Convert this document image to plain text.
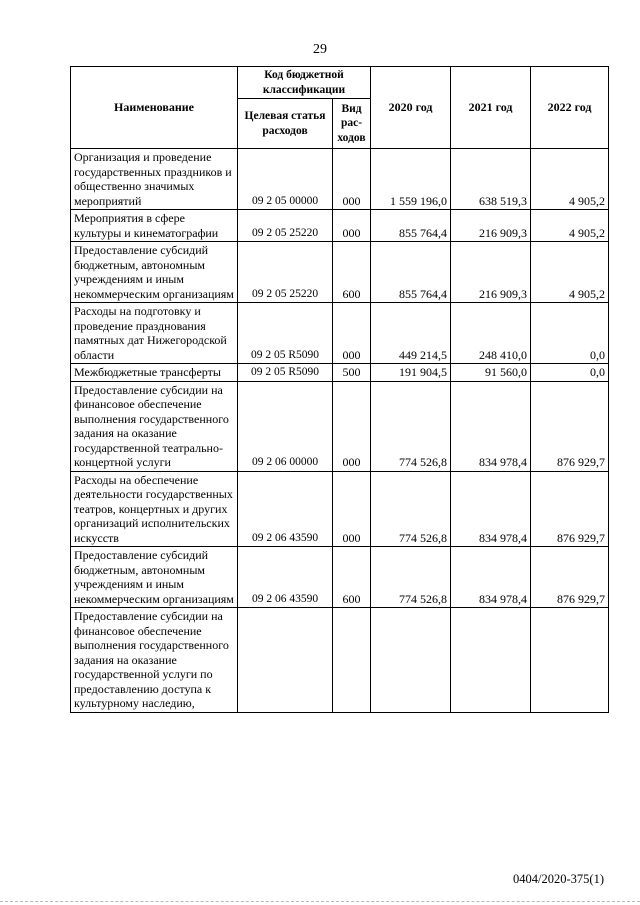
29
Наименование	Код бюджетной классификации		2020 год	2021 год	2022 год
	Целевая статья расходов	Вид рас-ходов			
Организация и проведение государственных праздников и общественно значимых мероприятий	09 2 05 00000	000	1 559 196,0	638 519,3	4 905,2
Мероприятия в сфере культуры и кинематографии	09 2 05 25220	000	855 764,4	216 909,3	4 905,2
Предоставление субсидий бюджетным, автономным учреждениям и иным некоммерческим организациям	09 2 05 25220	600	855 764,4	216 909,3	4 905,2
Расходы на подготовку и проведение празднования памятных дат Нижегородской области	09 2 05 R5090	000	449 214,5	248 410,0	0,0
Межбюджетные трансферты	09 2 05 R5090	500	191 904,5	91 560,0	0,0
Предоставление субсидии на финансовое обеспечение выполнения государственного задания на оказание государственной театрально-концертной услуги	09 2 06 00000	000	774 526,8	834 978,4	876 929,7
Расходы на обеспечение деятельности государственных театров, концертных и других организаций исполнительских искусств	09 2 06 43590	000	774 526,8	834 978,4	876 929,7
Предоставление субсидий бюджетным, автономным учреждениям и иным некоммерческим организациям	09 2 06 43590	600	774 526,8	834 978,4	876 929,7
Предоставление субсидии на финансовое обеспечение выполнения государственного задания на оказание государственной услуги по предоставлению доступа к культурному наследию,					
0404/2020-375(1)
